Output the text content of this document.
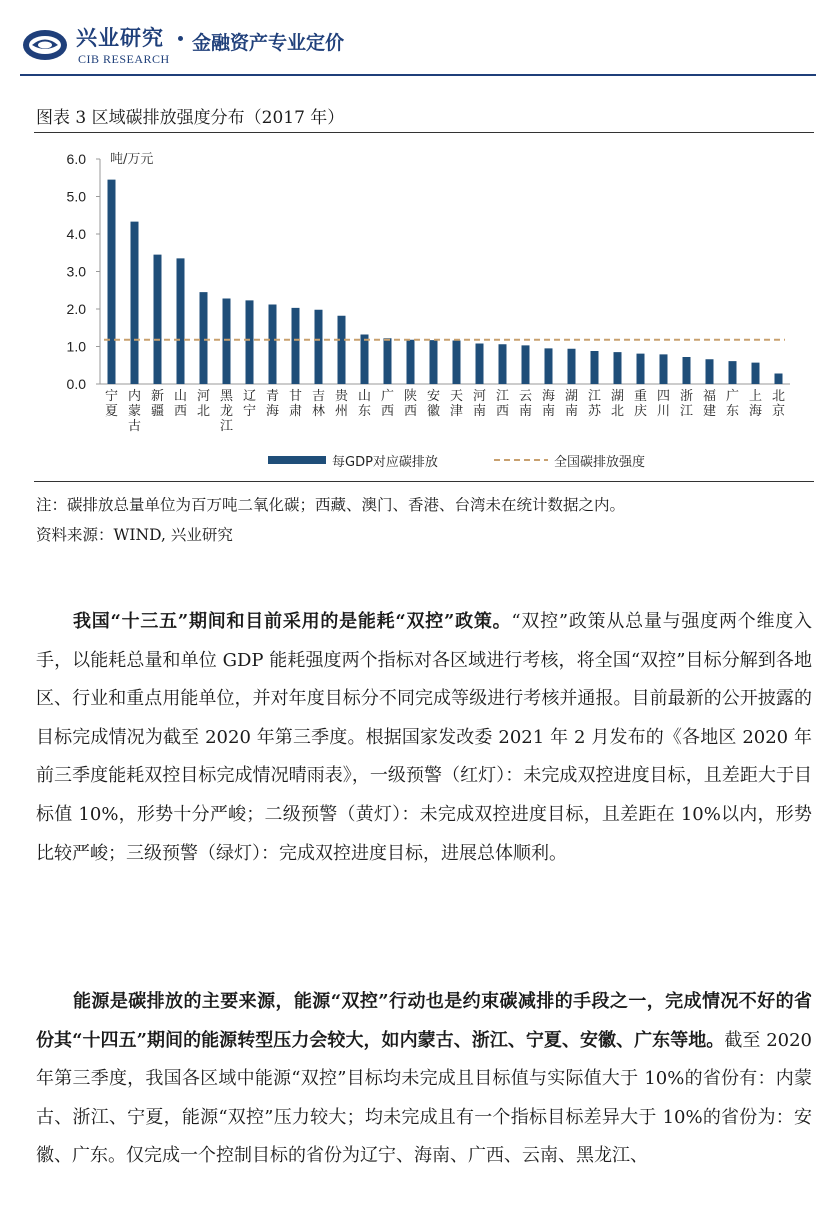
兴业研究
CIB RESEARCH
金融资产专业定价
图表 3 区域碳排放强度分布（2017 年）
0.0
1.0
2.0
3.0
4.0
5.0
6.0 吨/万元
宁夏
内蒙古
新疆
山西
河北
黑龙江
辽宁
青海
甘肃
吉林
贵州
山东
广西
陕西
安徽
天津
河南
江西
云南
海南
湖南
江苏
湖北
重庆
四川
浙江
福建
广东
上海
北京
每GDP对应碳排放	全国碳排放强度
注：碳排放总量单位为百万吨二氧化碳；西藏、澳门、香港、台湾未在统计数据之内。
资料来源：WIND, 兴业研究
我国“十三五”期间和目前采用的是能耗“双控”政策。“双控”政策从总量与强度两个维度入手，以能耗总量和单位 GDP 能耗强度两个指标对各区域进行考核，将全国“双控”目标分解到各地区、行业和重点用能单位，并对年度目标分不同完成等级进行考核并通报。目前最新的公开披露的目标完成情况为截至 2020 年第三季度。根据国家发改委 2021 年 2 月发布的《各地区 2020 年前三季度能耗双控目标完成情况晴雨表》，一级预警（红灯）：未完成双控进度目标，且差距大于目标值 10%，形势十分严峻；二级预警（黄灯）：未完成双控进度目标，且差距在 10%以内，形势比较严峻；三级预警（绿灯）：完成双控进度目标，进展总体顺利。
能源是碳排放的主要来源，能源“双控”行动也是约束碳减排的手段之一，完成情况不好的省份其“十四五”期间的能源转型压力会较大，如内蒙古、浙江、宁夏、安徽、广东等地。截至 2020 年第三季度，我国各区域中能源“双控”目标均未完成且目标值与实际值大于 10%的省份有：内蒙古、浙江、宁夏，能源“双控”压力较大；均未完成且有一个指标目标差异大于 10%的省份为：安徽、广东。仅完成一个控制目标的省份为辽宁、海南、广西、云南、黑龙江、
